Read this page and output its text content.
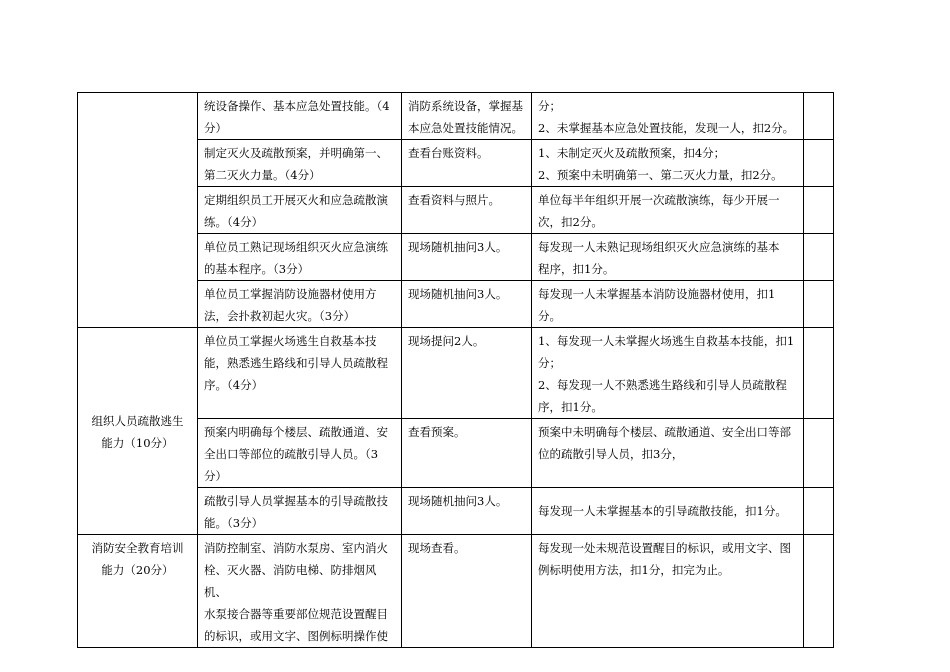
	统设备操作、基本应急处置技能。（4
分）	消防系统设备，掌握基
本应急处置技能情况。	分；
2、未掌握基本应急处置技能，发现一人，扣2分。	
	制定灭火及疏散预案，并明确第一、
第二灭火力量。（4分）	查看台账资料。	1、未制定灭火及疏散预案，扣4分；
2、预案中未明确第一、第二灭火力量，扣2分。	
	定期组织员工开展灭火和应急疏散演
练。（4分）	查看资料与照片。	单位每半年组织开展一次疏散演练，每少开展一
次，扣2分。	
	单位员工熟记现场组织灭火应急演练
的基本程序。（3分）	现场随机抽问3人。	每发现一人未熟记现场组织灭火应急演练的基本
程序，扣1分。	
	单位员工掌握消防设施器材使用方
法，会扑救初起火灾。（3分）	现场随机抽问3人。	每发现一人未掌握基本消防设施器材使用，扣1
分。	
组织人员疏散逃生
能力（10分）	单位员工掌握火场逃生自救基本技
能，熟悉逃生路线和引导人员疏散程
序。（4分）	现场提问2人。	1、每发现一人未掌握火场逃生自救基本技能，扣1
分；
2、每发现一人不熟悉逃生路线和引导人员疏散程
序，扣1分。	
	预案内明确每个楼层、疏散通道、安
全出口等部位的疏散引导人员。（3
分）	查看预案。	预案中未明确每个楼层、疏散通道、安全出口等部
位的疏散引导人员，扣3分，	
	疏散引导人员掌握基本的引导疏散技
能。（3分）	现场随机抽问3人。	每发现一人未掌握基本的引导疏散技能，扣1分。	
消防安全教育培训
能力（20分）	消防控制室、消防水泵房、室内消火
栓、灭火器、消防电梯、防排烟风机、
水泵接合器等重要部位规范设置醒目
的标识，或用文字、图例标明操作使	现场查看。	每发现一处未规范设置醒目的标识，或用文字、图
例标明使用方法，扣1分，扣完为止。	
